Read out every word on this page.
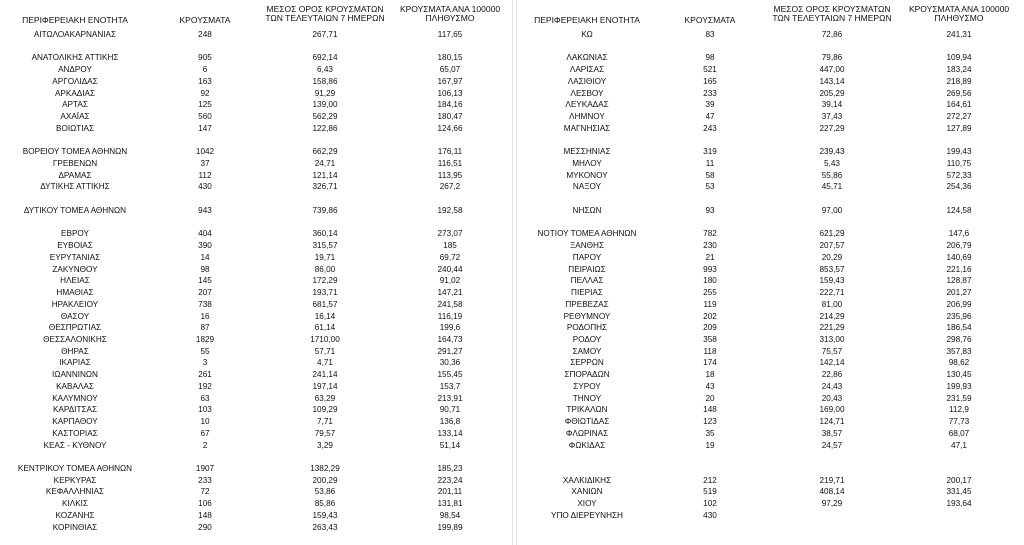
ΠΕΡΙΦΕΡΕΙΑΚΗ ΕΝΟΤΗΤΑ	ΚΡΟΥΣΜΑΤΑ
ΜΕΣΟΣ ΟΡΟΣ ΚΡΟΥΣΜΑΤΩΝ
ΤΩΝ ΤΕΛΕΥΤΑΙΩΝ 7 ΗΜΕΡΩΝ
ΚΡΟΥΣΜΑΤΑ ΑΝΑ 100000
ΠΛΗΘΥΣΜΟ
ΑΙΤΩΛΟΑΚΑΡΝΑΝΙΑΣ	248	267,71	117,65
ΑΝΑΤΟΛΙΚΗΣ ΑΤΤΙΚΗΣ	905	692,14	180,15
ΑΝΔΡΟΥ	6	6,43	65,07
ΑΡΓΟΛΙΔΑΣ	163	158,86	167,97
ΑΡΚΑΔΙΑΣ	92	91,29	106,13
ΑΡΤΑΣ	125	139,00	184,16
ΑΧΑΪΑΣ	560	562,29	180,47
ΒΟΙΩΤΙΑΣ	147	122,86	124,66
ΒΟΡΕΙΟΥ ΤΟΜΕΑ ΑΘΗΝΩΝ	1042	662,29	176,11
ΓΡΕΒΕΝΩΝ	37	24,71	116,51
ΔΡΑΜΑΣ	112	121,14	113,95
ΔΥΤΙΚΗΣ ΑΤΤΙΚΗΣ	430	326,71	267,2
ΔΥΤΙΚΟΥ ΤΟΜΕΑ ΑΘΗΝΩΝ	943	739,86	192,58
ΕΒΡΟΥ	404	360,14	273,07
ΕΥΒΟΙΑΣ	390	315,57	185
ΕΥΡΥΤΑΝΙΑΣ	14	19,71	69,72
ΖΑΚΥΝΘΟΥ	98	86,00	240,44
ΗΛΕΙΑΣ	145	172,29	91,02
ΗΜΑΘΙΑΣ	207	193,71	147,21
ΗΡΑΚΛΕΙΟΥ	738	681,57	241,58
ΘΑΣΟΥ	16	16,14	116,19
ΘΕΣΠΡΩΤΙΑΣ	87	61,14	199,6
ΘΕΣΣΑΛΟΝΙΚΗΣ	1829	1710,00	164,73
ΘΗΡΑΣ	55	57,71	291,27
ΙΚΑΡΙΑΣ	3	4,71	30,36
ΙΩΑΝΝΙΝΩΝ	261	241,14	155,45
ΚΑΒΑΛΑΣ	192	197,14	153,7
ΚΑΛΥΜΝΟΥ	63	63,29	213,91
ΚΑΡΔΙΤΣΑΣ	103	109,29	90,71
ΚΑΡΠΑΘΟΥ	10	7,71	136,8
ΚΑΣΤΟΡΙΑΣ	67	79,57	133,14
ΚΕΑΣ - ΚΥΘΝΟΥ	2	3,29	51,14
ΚΕΝΤΡΙΚΟΥ ΤΟΜΕΑ ΑΘΗΝΩΝ	1907	1382,29	185,23
ΚΕΡΚΥΡΑΣ	233	200,29	223,24
ΚΕΦΑΛΛΗΝΙΑΣ	72	53,86	201,11
ΚΙΛΚΙΣ	106	85,86	131,81
ΚΟΖΑΝΗΣ	148	159,43	98,54
ΚΟΡΙΝΘΙΑΣ	290	263,43	199,89
ΠΕΡΙΦΕΡΕΙΑΚΗ ΕΝΟΤΗΤΑ	ΚΡΟΥΣΜΑΤΑ
ΜΕΣΟΣ ΟΡΟΣ ΚΡΟΥΣΜΑΤΩΝ
ΤΩΝ ΤΕΛΕΥΤΑΙΩΝ 7 ΗΜΕΡΩΝ
ΚΡΟΥΣΜΑΤΑ ΑΝΑ 100000
ΠΛΗΘΥΣΜΟ
ΚΩ	83	72,86	241,31
ΛΑΚΩΝΙΑΣ	98	79,86	109,94
ΛΑΡΙΣΑΣ	521	447,00	183,24
ΛΑΣΙΘΙΟΥ	165	143,14	218,89
ΛΕΣΒΟΥ	233	205,29	269,56
ΛΕΥΚΑΔΑΣ	39	39,14	164,61
ΛΗΜΝΟΥ	47	37,43	272,27
ΜΑΓΝΗΣΙΑΣ	243	227,29	127,89
ΜΕΣΣΗΝΙΑΣ	319	239,43	199,43
ΜΗΛΟΥ	11	5,43	110,75
ΜΥΚΟΝΟΥ	58	55,86	572,33
ΝΑΞΟΥ	53	45,71	254,36
ΝΗΣΩΝ	93	97,00	124,58
ΝΟΤΙΟΥ ΤΟΜΕΑ ΑΘΗΝΩΝ	782	621,29	147,6
ΞΑΝΘΗΣ	230	207,57	206,79
ΠΑΡΟΥ	21	20,29	140,69
ΠΕΙΡΑΙΩΣ	993	853,57	221,16
ΠΕΛΛΑΣ	180	159,43	128,87
ΠΙΕΡΙΑΣ	255	222,71	201,27
ΠΡΕΒΕΖΑΣ	119	81,00	206,99
ΡΕΘΥΜΝΟΥ	202	214,29	235,96
ΡΟΔΟΠΗΣ	209	221,29	186,54
ΡΟΔΟΥ	358	313,00	298,76
ΣΑΜΟΥ	118	75,57	357,83
ΣΕΡΡΩΝ	174	142,14	98,62
ΣΠΟΡΑΔΩΝ	18	22,86	130,45
ΣΥΡΟΥ	43	24,43	199,93
ΤΗΝΟΥ	20	20,43	231,59
ΤΡΙΚΑΛΩΝ	148	169,00	112,9
ΦΘΙΩΤΙΔΑΣ	123	124,71	77,73
ΦΛΩΡΙΝΑΣ	35	38,57	68,07
ΦΩΚΙΔΑΣ	19	24,57	47,1
ΧΑΛΚΙΔΙΚΗΣ	212	219,71	200,17
ΧΑΝΙΩΝ	519	408,14	331,45
ΧΙΟΥ	102	97,29	193,64
ΥΠΟ ΔΙΕΡΕΥΝΗΣΗ	430
